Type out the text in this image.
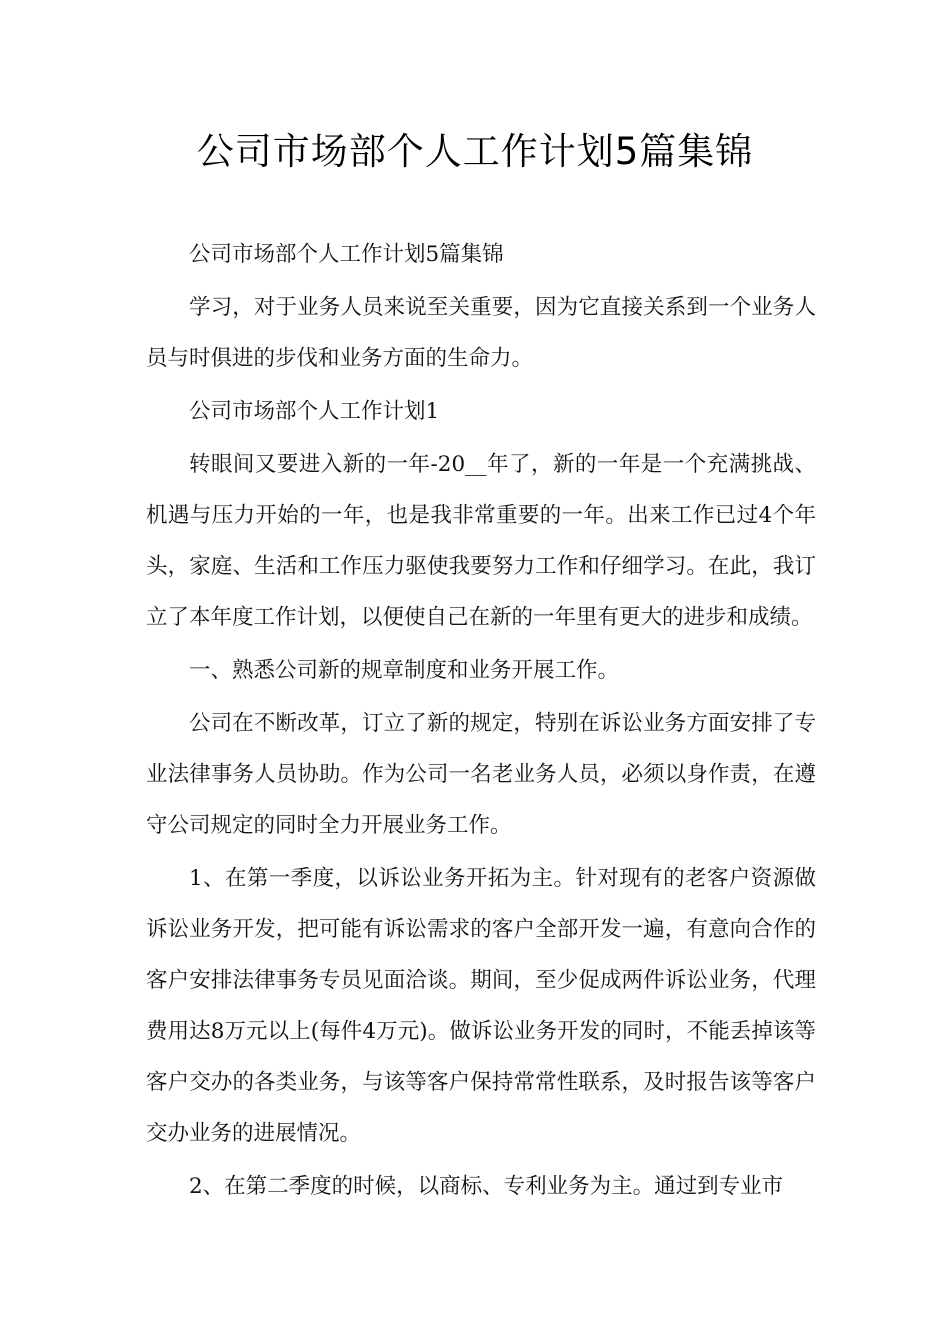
公司市场部个人工作计划5篇集锦

公司市场部个人工作计划5篇集锦

学习，对于业务人员来说至关重要，因为它直接关系到一个业务人员与时俱进的步伐和业务方面的生命力。

公司市场部个人工作计划1

转眼间又要进入新的一年-20__年了，新的一年是一个充满挑战、机遇与压力开始的一年，也是我非常重要的一年。出来工作已过4个年头，家庭、生活和工作压力驱使我要努力工作和仔细学习。在此，我订立了本年度工作计划，以便使自己在新的一年里有更大的进步和成绩。

一、熟悉公司新的规章制度和业务开展工作。

公司在不断改革，订立了新的规定，特别在诉讼业务方面安排了专业法律事务人员协助。作为公司一名老业务人员，必须以身作责，在遵守公司规定的同时全力开展业务工作。

1、在第一季度，以诉讼业务开拓为主。针对现有的老客户资源做诉讼业务开发，把可能有诉讼需求的客户全部开发一遍，有意向合作的客户安排法律事务专员见面洽谈。期间，至少促成两件诉讼业务，代理费用达8万元以上(每件4万元)。做诉讼业务开发的同时，不能丢掉该等客户交办的各类业务，与该等客户保持常常性联系，及时报告该等客户交办业务的进展情况。

2、在第二季度的时候，以商标、专利业务为主。通过到专业市
